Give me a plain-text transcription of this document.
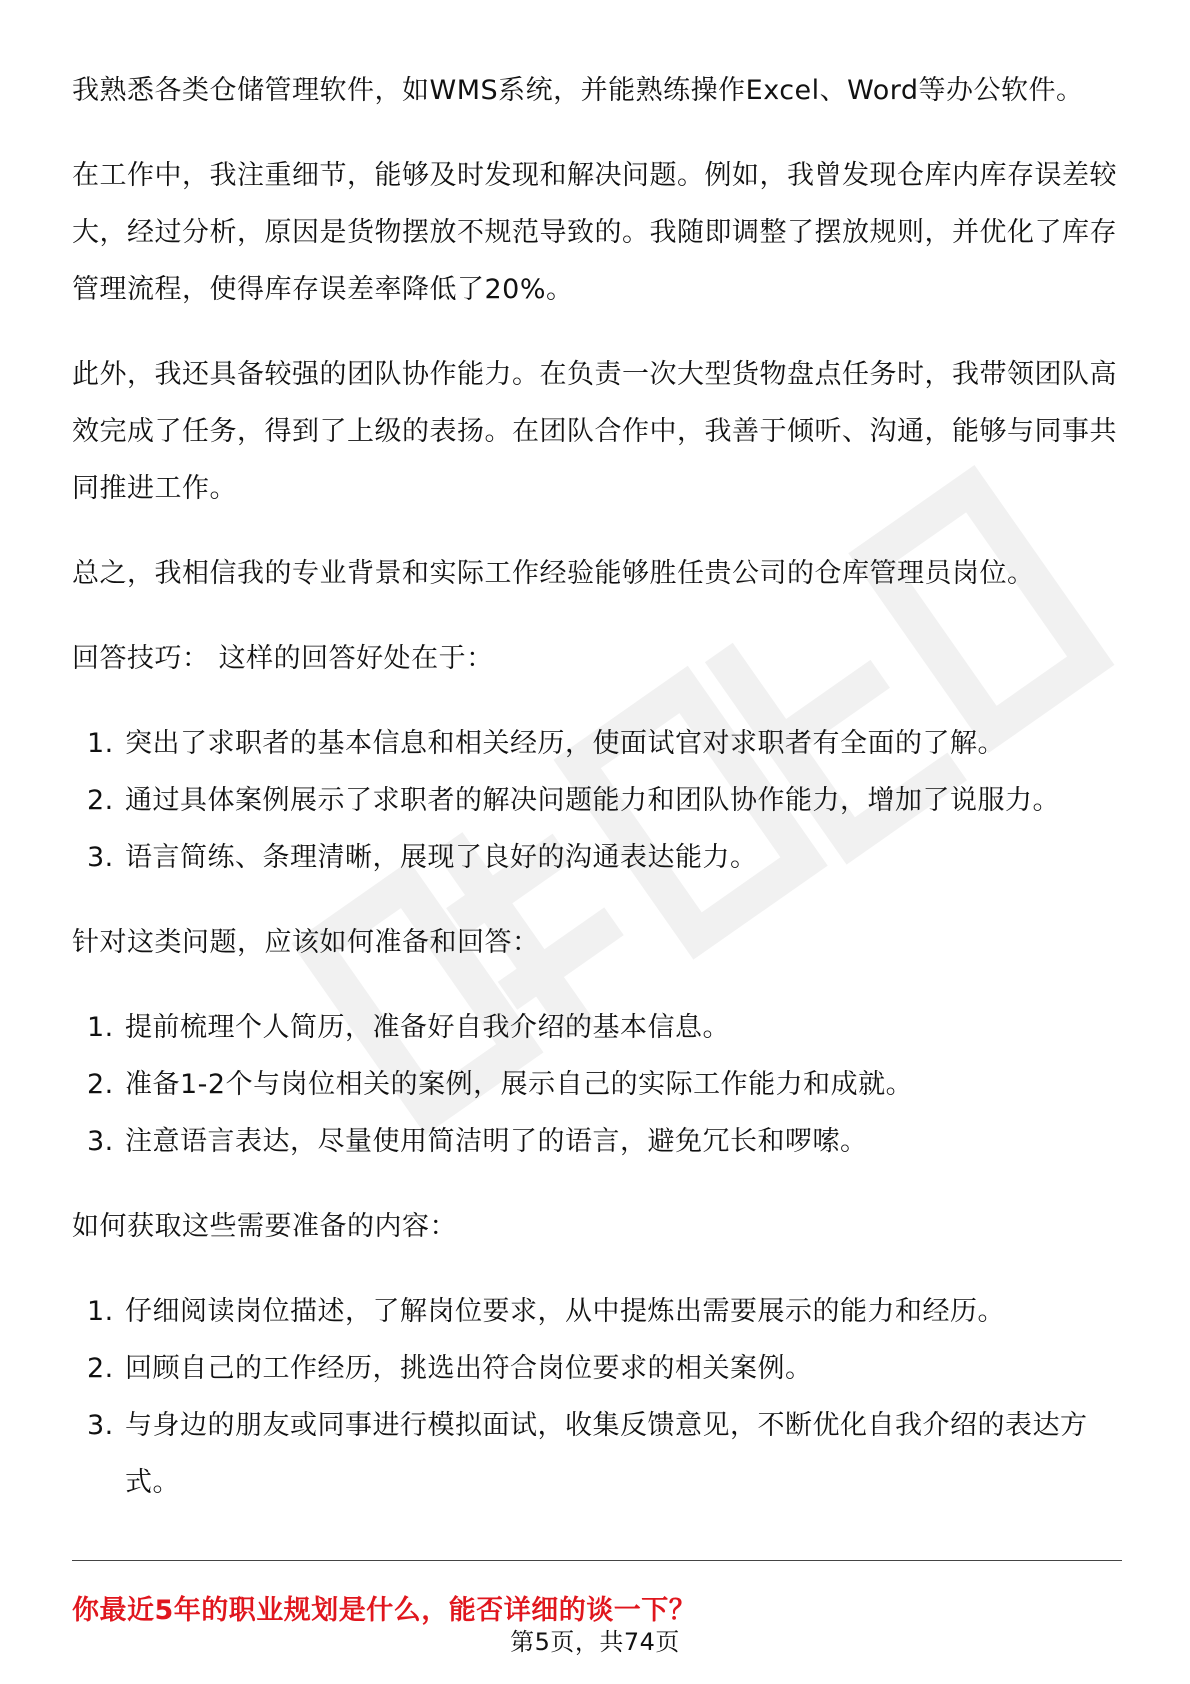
我熟悉各类仓储管理软件，如WMS系统，并能熟练操作Excel、Word等办公软件。

在工作中，我注重细节，能够及时发现和解决问题。例如，我曾发现仓库内库存误差较大，经过分析，原因是货物摆放不规范导致的。我随即调整了摆放规则，并优化了库存管理流程，使得库存误差率降低了20%。

此外，我还具备较强的团队协作能力。在负责一次大型货物盘点任务时，我带领团队高效完成了任务，得到了上级的表扬。在团队合作中，我善于倾听、沟通，能够与同事共同推进工作。

总之，我相信我的专业背景和实际工作经验能够胜任贵公司的仓库管理员岗位。

回答技巧： 这样的回答好处在于：

1. 突出了求职者的基本信息和相关经历，使面试官对求职者有全面的了解。
2. 通过具体案例展示了求职者的解决问题能力和团队协作能力，增加了说服力。
3. 语言简练、条理清晰，展现了良好的沟通表达能力。

针对这类问题，应该如何准备和回答：

1. 提前梳理个人简历，准备好自我介绍的基本信息。
2. 准备1-2个与岗位相关的案例，展示自己的实际工作能力和成就。
3. 注意语言表达，尽量使用简洁明了的语言，避免冗长和啰嗦。

如何获取这些需要准备的内容：

1. 仔细阅读岗位描述，了解岗位要求，从中提炼出需要展示的能力和经历。
2. 回顾自己的工作经历，挑选出符合岗位要求的相关案例。
3. 与身边的朋友或同事进行模拟面试，收集反馈意见，不断优化自我介绍的表达方式。
你最近5年的职业规划是什么，能否详细的谈一下？
第5页，共74页
